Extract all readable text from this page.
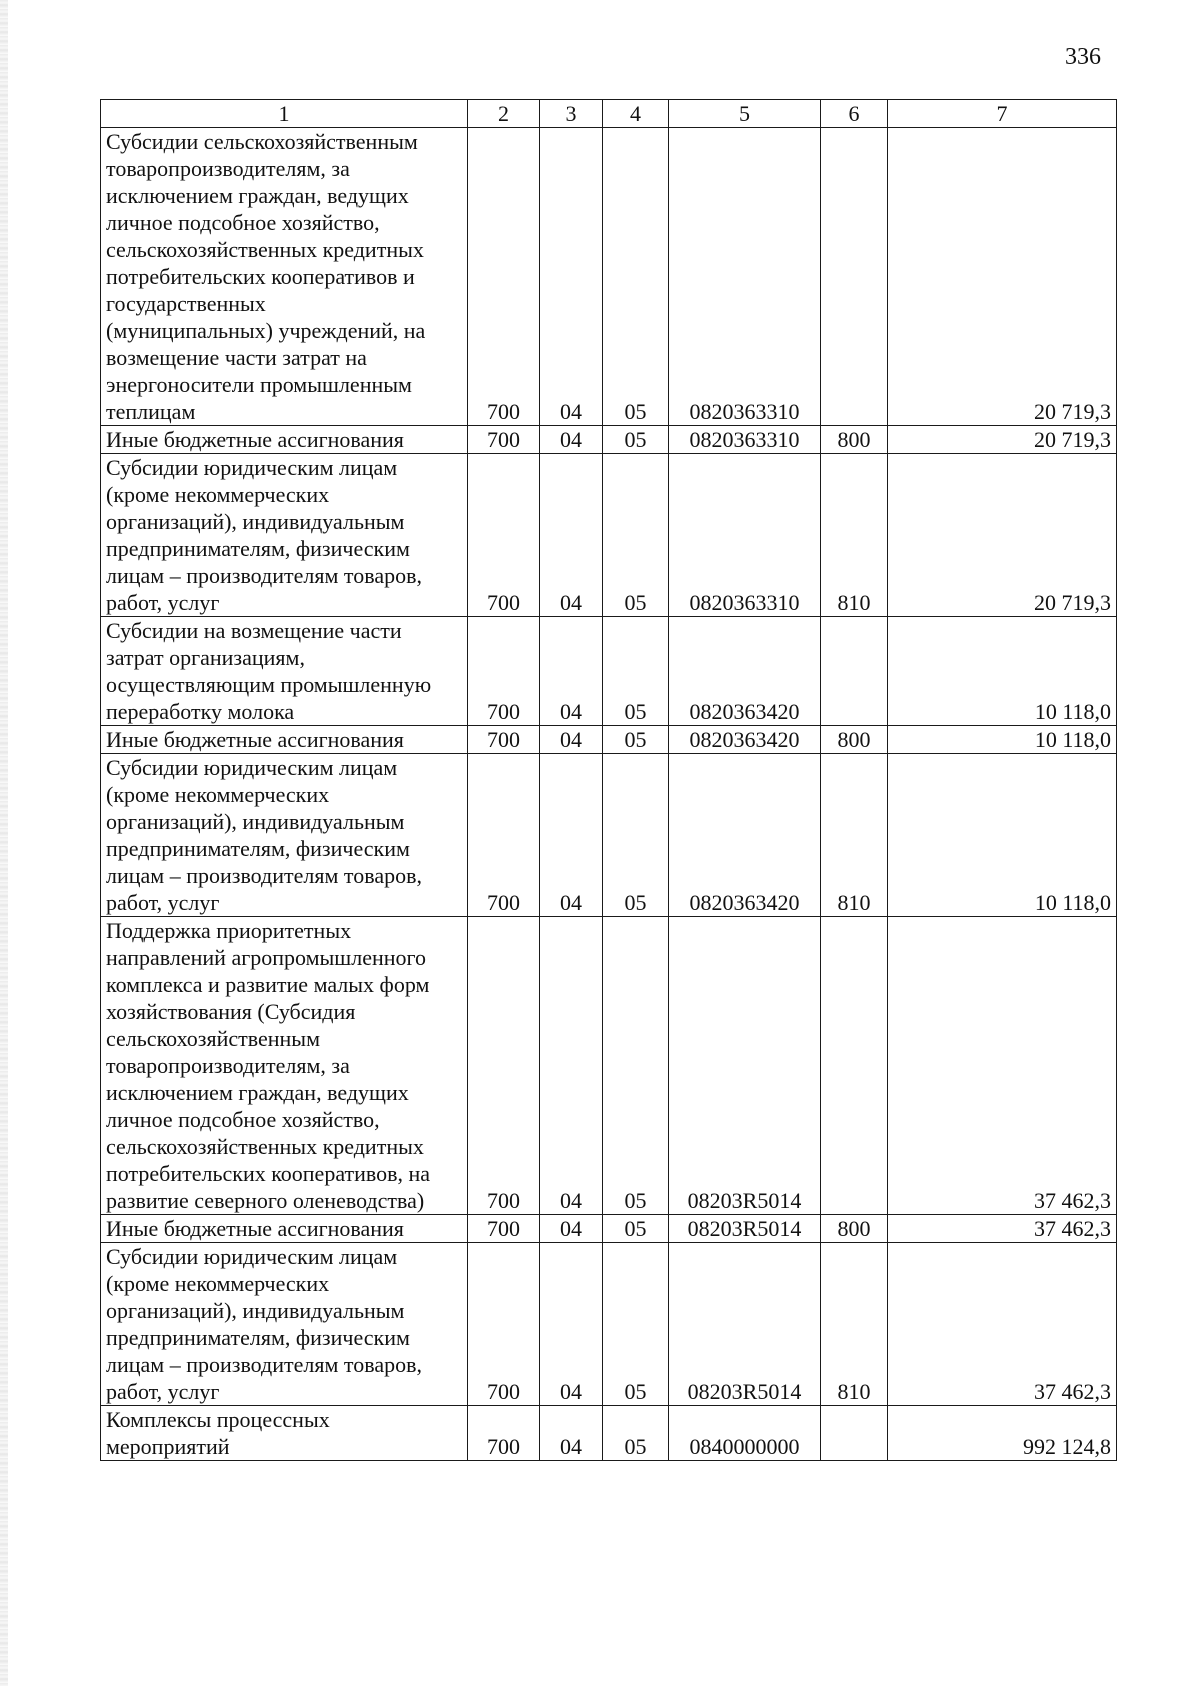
336
1	2	3	4	5	6	7

Субсидии сельскохозяйственным товаропроизводителям, за исключением граждан, ведущих личное подсобное хозяйство, сельскохозяйственных кредитных потребительских кооперативов и государственных (муниципальных) учреждений, на возмещение части затрат на энергоносители промышленным теплицам	700	04	05	0820363310		20 719,3

Иные бюджетные ассигнования	700	04	05	0820363310	800	20 719,3

Субсидии юридическим лицам (кроме некоммерческих организаций), индивидуальным предпринимателям, физическим лицам – производителям товаров, работ, услуг	700	04	05	0820363310	810	20 719,3

Субсидии на возмещение части затрат организациям, осуществляющим промышленную переработку молока	700	04	05	0820363420		10 118,0

Иные бюджетные ассигнования	700	04	05	0820363420	800	10 118,0

Субсидии юридическим лицам (кроме некоммерческих организаций), индивидуальным предпринимателям, физическим лицам – производителям товаров, работ, услуг	700	04	05	0820363420	810	10 118,0

Поддержка приоритетных направлений агропромышленного комплекса и развитие малых форм хозяйствования (Субсидия сельскохозяйственным товаропроизводителям, за исключением граждан, ведущих личное подсобное хозяйство, сельскохозяйственных кредитных потребительских кооперативов, на развитие северного оленеводства)	700	04	05	08203R5014		37 462,3

Иные бюджетные ассигнования	700	04	05	08203R5014	800	37 462,3

Субсидии юридическим лицам (кроме некоммерческих организаций), индивидуальным предпринимателям, физическим лицам – производителям товаров, работ, услуг	700	04	05	08203R5014	810	37 462,3

Комплексы процессных мероприятий	700	04	05	0840000000		992 124,8
